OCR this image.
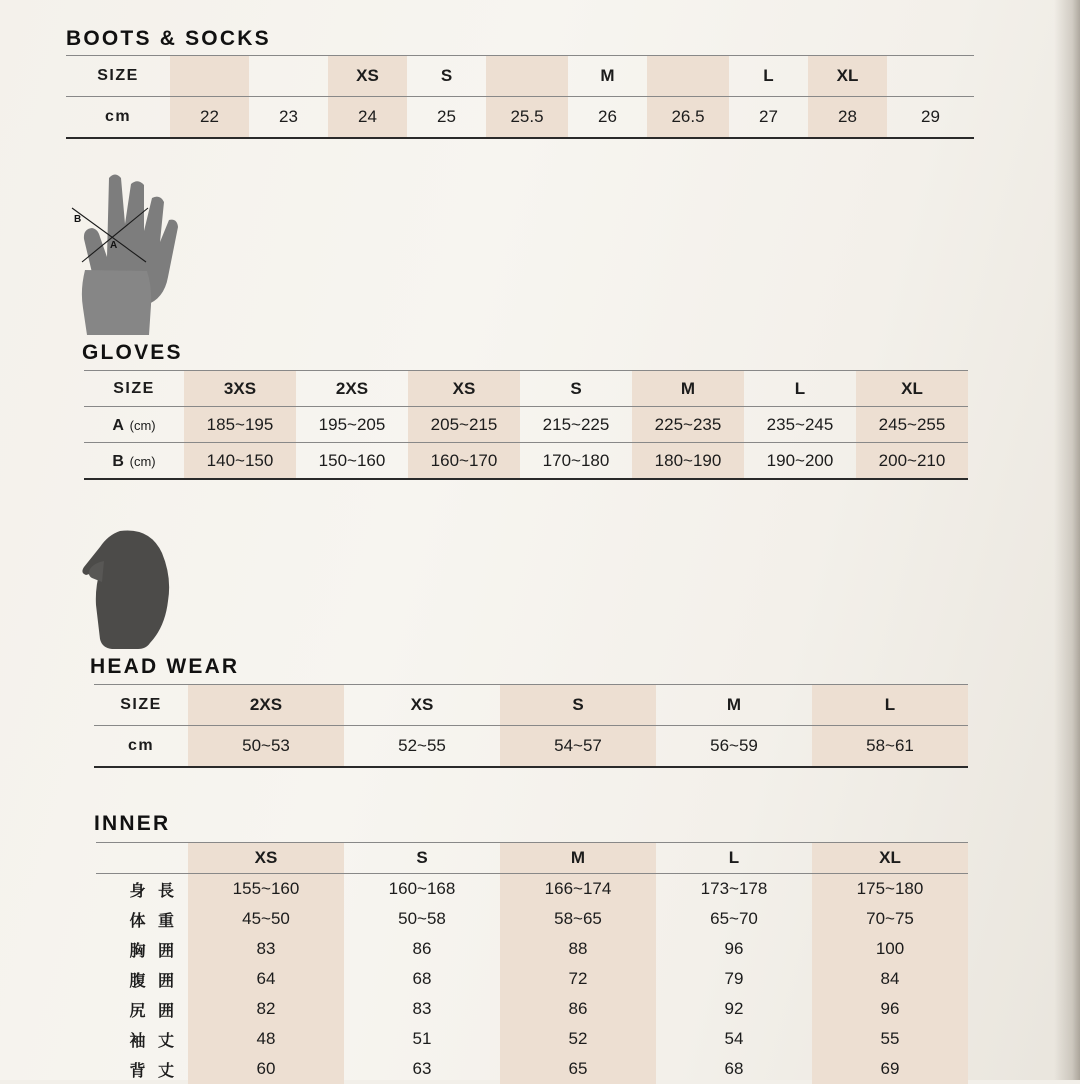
BOOTS & SOCKS
SIZE			XS	S		M		L	XL	
cm	22	23	24	25	25.5	26	26.5	27	28	29
B
A
GLOVES
SIZE	3XS	2XS	XS	S	M	L	XL
A (cm)	185~195	195~205	205~215	215~225	225~235	235~245	245~255
B (cm)	140~150	150~160	160~170	170~180	180~190	190~200	200~210
HEAD WEAR
SIZE	2XS	XS	S	M	L
cm	50~53	52~55	54~57	56~59	58~61
INNER
	XS	S	M	L	XL
身 長	155~160	160~168	166~174	173~178	175~180
体 重	45~50	50~58	58~65	65~70	70~75
胸 囲	83	86	88	96	100
腹 囲	64	68	72	79	84
尻 囲	82	83	86	92	96
袖 丈	48	51	52	54	55
背 丈	60	63	65	68	69
